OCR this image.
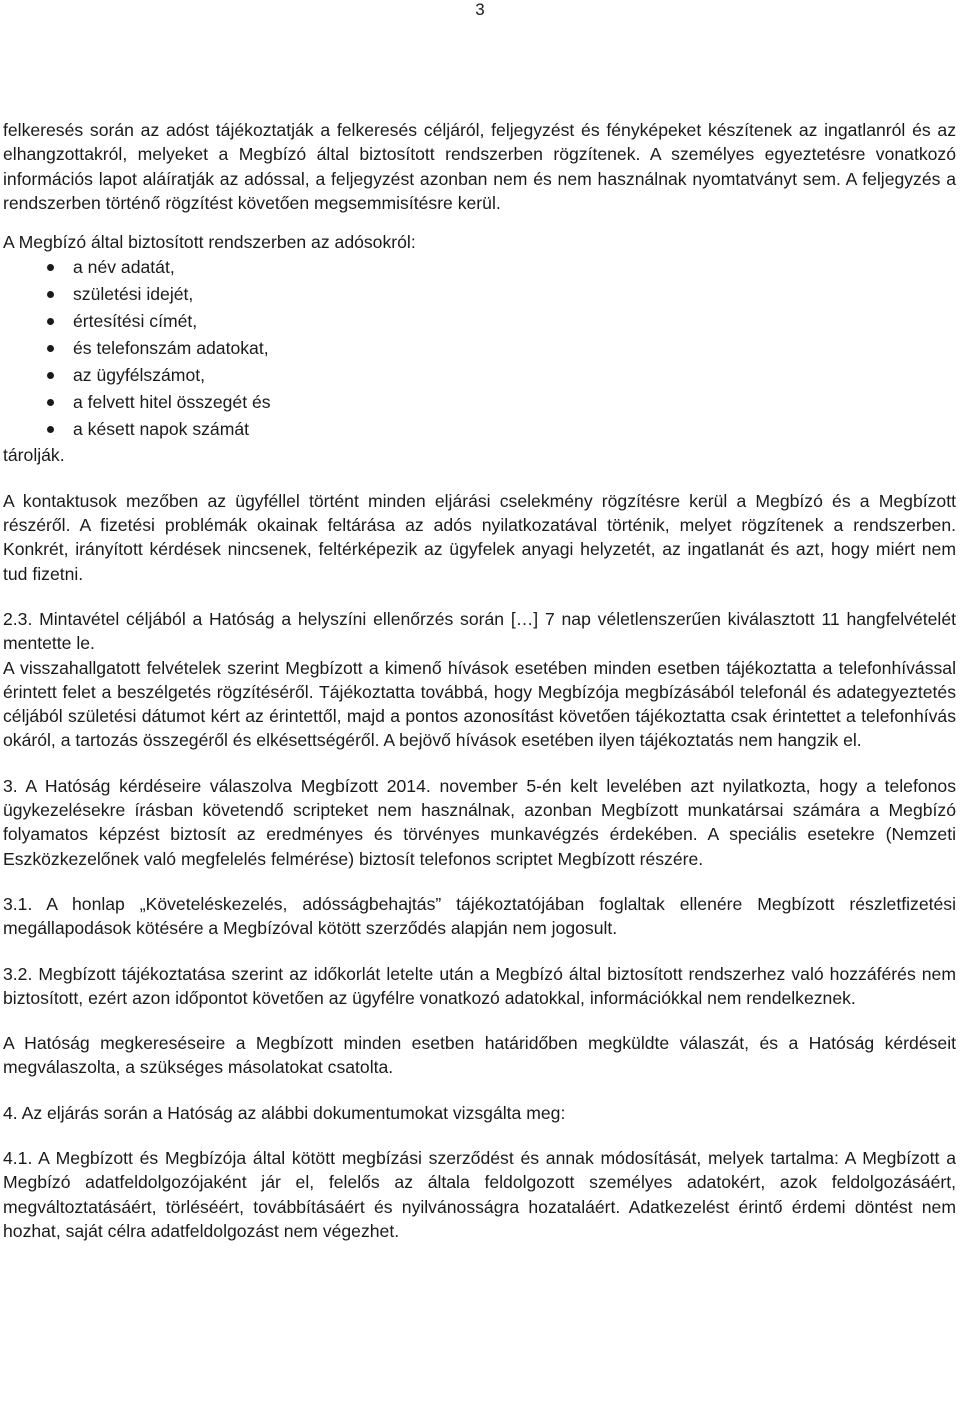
3

felkeresés során az adóst tájékoztatják a felkeresés céljáról, feljegyzést és fényképeket készítenek az ingatlanról és az elhangzottakról, melyeket a Megbízó által biztosított rendszerben rögzítenek. A személyes egyeztetésre vonatkozó információs lapot aláíratják az adóssal, a feljegyzést azonban nem és nem használnak nyomtatványt sem. A feljegyzés a rendszerben történő rögzítést követően megsemmisítésre kerül.

A Megbízó által biztosított rendszerben az adósokról:

a név adatát,
születési idejét,
értesítési címét,
és telefonszám adatokat,
az ügyfélszámot,
a felvett hitel összegét és
a késett napok számát

tárolják.

A kontaktusok mezőben az ügyféllel történt minden eljárási cselekmény rögzítésre kerül a Megbízó és a Megbízott részéről. A fizetési problémák okainak feltárása az adós nyilatkozatával történik, melyet rögzítenek a rendszerben. Konkrét, irányított kérdések nincsenek, feltérképezik az ügyfelek anyagi helyzetét, az ingatlanát és azt, hogy miért nem tud fizetni.

2.3. Mintavétel céljából a Hatóság a helyszíni ellenőrzés során […] 7 nap véletlenszerűen kiválasztott 11 hangfelvételét mentette le.

A visszahallgatott felvételek szerint Megbízott a kimenő hívások esetében minden esetben tájékoztatta a telefonhívással érintett felet a beszélgetés rögzítéséről. Tájékoztatta továbbá, hogy Megbízója megbízásából telefonál és adategyeztetés céljából születési dátumot kért az érintettől, majd a pontos azonosítást követően tájékoztatta csak érintettet a telefonhívás okáról, a tartozás összegéről és elkésettségéről. A bejövő hívások esetében ilyen tájékoztatás nem hangzik el.

3. A Hatóság kérdéseire válaszolva Megbízott 2014. november 5-én kelt levelében azt nyilatkozta, hogy a telefonos ügykezelésekre írásban követendő scripteket nem használnak, azonban Megbízott munkatársai számára a Megbízó folyamatos képzést biztosít az eredményes és törvényes munkavégzés érdekében. A speciális esetekre (Nemzeti Eszközkezelőnek való megfelelés felmérése) biztosít telefonos scriptet Megbízott részére.

3.1. A honlap „Követeléskezelés, adósságbehajtás” tájékoztatójában foglaltak ellenére Megbízott részletfizetési megállapodások kötésére a Megbízóval kötött szerződés alapján nem jogosult.

3.2. Megbízott tájékoztatása szerint az időkorlát letelte után a Megbízó által biztosított rendszerhez való hozzáférés nem biztosított, ezért azon időpontot követően az ügyfélre vonatkozó adatokkal, információkkal nem rendelkeznek.

A Hatóság megkereséseire a Megbízott minden esetben határidőben megküldte válaszát, és a Hatóság kérdéseit megválaszolta, a szükséges másolatokat csatolta.

4. Az eljárás során a Hatóság az alábbi dokumentumokat vizsgálta meg:

4.1. A Megbízott és Megbízója által kötött megbízási szerződést és annak módosítását, melyek tartalma: A Megbízott a Megbízó adatfeldolgozójaként jár el, felelős az általa feldolgozott személyes adatokért, azok feldolgozásáért, megváltoztatásáért, törléséért, továbbításáért és nyilvánosságra hozataláért. Adatkezelést érintő érdemi döntést nem hozhat, saját célra adatfeldolgozást nem végezhet.
